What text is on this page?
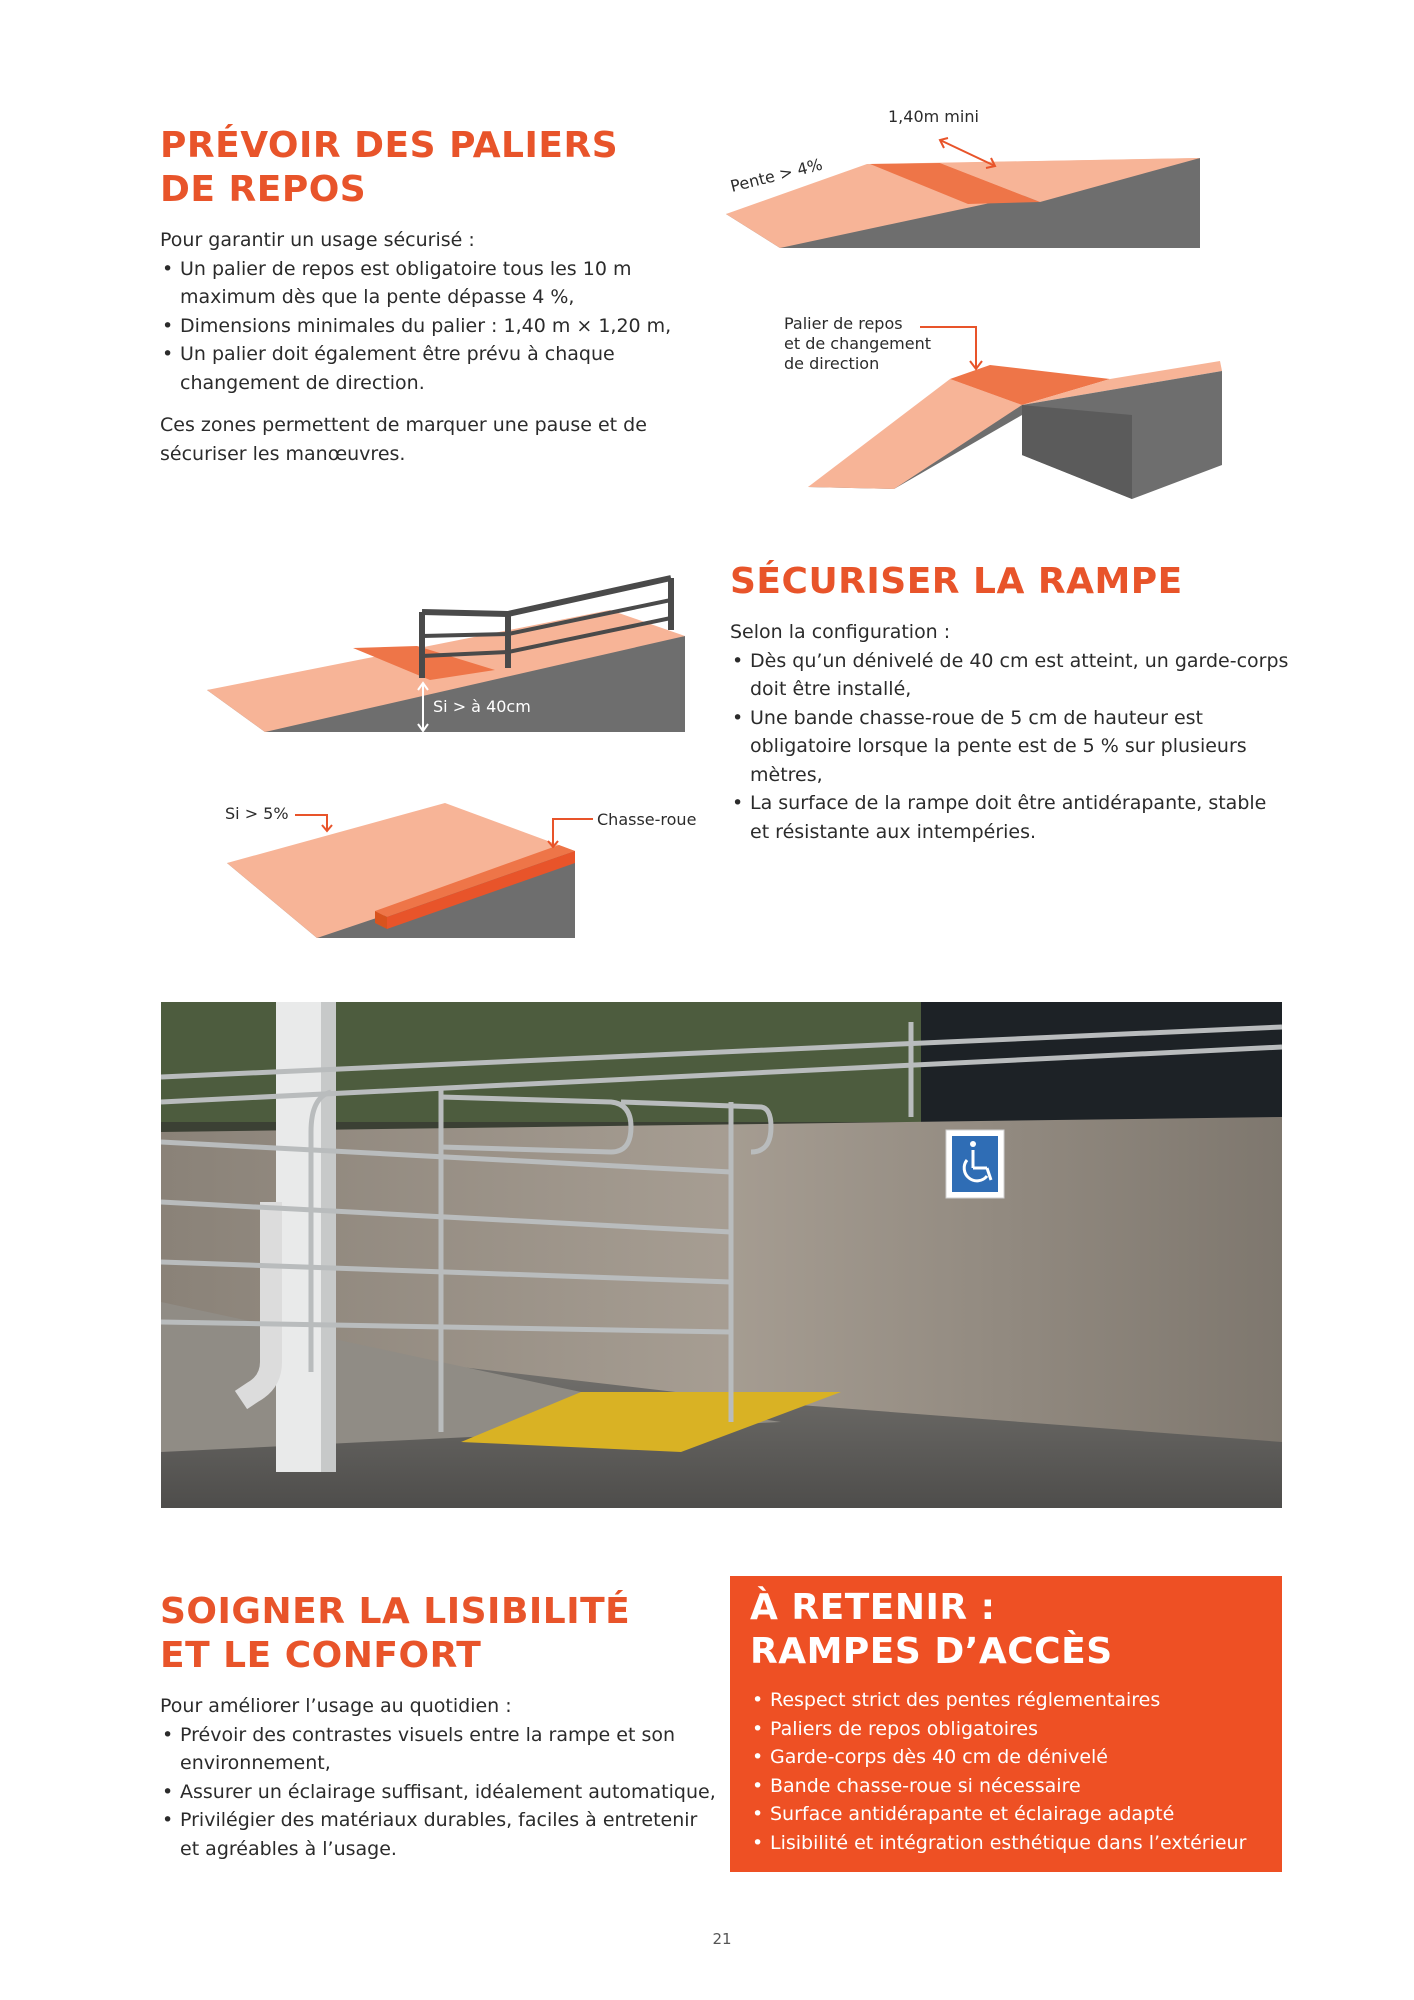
PRÉVOIR DES PALIERS
DE REPOS

Pour garantir un usage sécurisé :

• Un palier de repos est obligatoire tous les 10 m maximum dès que la pente dépasse 4 %,
• Dimensions minimales du palier : 1,40 m × 1,20 m,
• Un palier doit également être prévu à chaque changement de direction.

Ces zones permettent de marquer une pause et de sécuriser les manœuvres.

1,40m mini
Pente > 4%
Palier de repos
et de changement
de direction
Si > à 40cm
Si > 5%	Chasse-roue
SÉCURISER LA RAMPE

Selon la configuration :

• Dès qu’un dénivelé de 40 cm est atteint, un garde-corps doit être installé,
• Une bande chasse-roue de 5 cm de hauteur est obligatoire lorsque la pente est de 5 % sur plusieurs mètres,
• La surface de la rampe doit être antidérapante, stable et résistante aux intempéries.
SOIGNER LA LISIBILITÉ
ET LE CONFORT

Pour améliorer l’usage au quotidien :

• Prévoir des contrastes visuels entre la rampe et son environnement,
• Assurer un éclairage suffisant, idéalement automatique,
• Privilégier des matériaux durables, faciles à entretenir et agréables à l’usage.
À RETENIR :
RAMPES D’ACCÈS
• Respect strict des pentes réglementaires
• Paliers de repos obligatoires
• Garde-corps dès 40 cm de dénivelé
• Bande chasse-roue si nécessaire
• Surface antidérapante et éclairage adapté
• Lisibilité et intégration esthétique dans l’extérieur
21
